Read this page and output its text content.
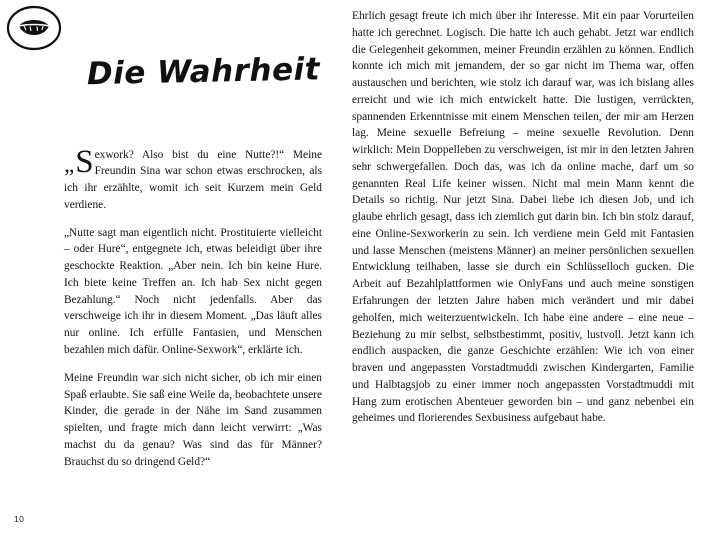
Die Wahrheit

„ S exwork? Also bist du eine Nutte?!“ Meine Freundin Sina war schon etwas erschrocken, als ich ihr erzählte, womit ich seit Kurzem mein Geld verdiene.

„Nutte sagt man eigentlich nicht. Prostituierte vielleicht – oder Hure“, entgegnete ich, etwas beleidigt über ihre geschockte Reaktion. „Aber nein. Ich bin keine Hure. Ich biete keine Treffen an. Ich hab Sex nicht gegen Bezahlung.“ Noch nicht jedenfalls. Aber das verschweige ich ihr in diesem Moment. „Das läuft alles nur online. Ich erfülle Fantasien, und Menschen bezahlen mich dafür. Online-Sexwork“, erklärte ich.

Meine Freundin war sich nicht sicher, ob ich mir einen Spaß erlaubte. Sie saß eine Weile da, beobachtete unsere Kinder, die gerade in der Nähe im Sand zusammen spielten, und fragte mich dann leicht verwirrt: „Was machst du da genau? Was sind das für Männer? Brauchst du so dringend Geld?“

Ehrlich gesagt freute ich mich über ihr Interesse. Mit ein paar Vorurteilen hatte ich gerechnet. Logisch. Die hatte ich auch gehabt. Jetzt war endlich die Gelegenheit gekommen, meiner Freundin erzählen zu können. Endlich konnte ich mich mit jemandem, der so gar nicht im Thema war, offen austauschen und berichten, wie stolz ich darauf war, was ich bislang alles erreicht und wie ich mich entwickelt hatte. Die lustigen, verrückten, spannenden Erkenntnisse mit einem Menschen teilen, der mir am Herzen lag. Meine sexuelle Befreiung – meine sexuelle Revolution. Denn wirklich: Mein Doppelleben zu verschweigen, ist mir in den letzten Jahren sehr schwergefallen. Doch das, was ich da online mache, darf um so genannten Real Life keiner wissen. Nicht mal mein Mann kennt die Details so richtig. Nur jetzt Sina. Dabei liebe ich diesen Job, und ich glaube ehrlich gesagt, dass ich ziemlich gut darin bin. Ich bin stolz darauf, eine Online-Sexworkerin zu sein. Ich verdiene mein Geld mit Fantasien und lasse Menschen (meistens Männer) an meiner persönlichen sexuellen Entwicklung teilhaben, lasse sie durch ein Schlüsselloch gucken. Die Arbeit auf Bezahlplattformen wie OnlyFans und auch meine sonstigen Erfahrungen der letzten Jahre haben mich verändert und mir dabei geholfen, mich weiterzuentwickeln. Ich habe eine andere – eine neue – Beziehung zu mir selbst, selbstbestimmt, positiv, lustvoll. Jetzt kann ich endlich auspacken, die ganze Geschichte erzählen: Wie ich von einer braven und angepassten Vorstadtmuddi zwischen Kindergarten, Familie und Halbtagsjob zu einer immer noch angepassten Vorstadtmuddi mit Hang zum erotischen Abenteuer geworden bin – und ganz nebenbei ein geheimes und florierendes Sexbusiness aufgebaut habe.

10
